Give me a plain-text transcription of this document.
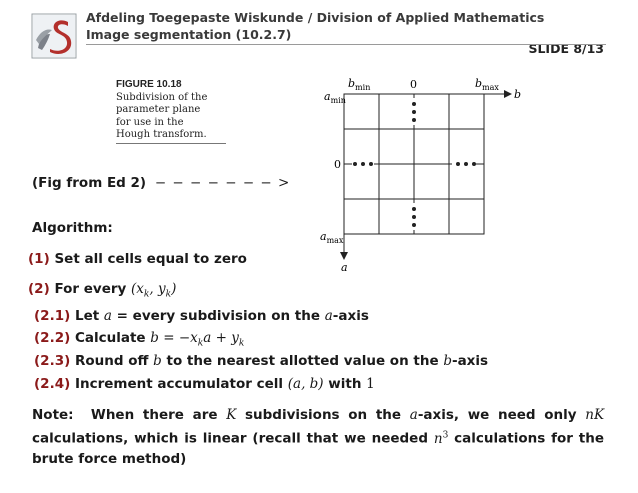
Afdeling Toegepaste Wiskunde / Division of Applied Mathematics
Image segmentation (10.2.7)
SLIDE 8/13
FIGURE 10.18
Subdivision of the
parameter plane
for use in the
Hough transform.
$a_{min}$
$b_{min}$	0	$b_{max}$
b
0
$a_{max}$
a
(Fig from Ed 2) − − − − − − − >
Algorithm:
(1) Set all cells equal to zero
(2) For every ($x_k$, $y_k$)
(2.1) Let a = every subdivision on the a-axis
(2.2) Calculate $b = -x_ka + y_k$
(2.3) Round off b to the nearest allotted value on the b-axis
(2.4) Increment accumulator cell (a, b) with 1
Note:  When there are K subdivisions on the a-axis, we need only nK calculations, which is linear (recall that we needed $n^3$ calculations for the brute force method)
